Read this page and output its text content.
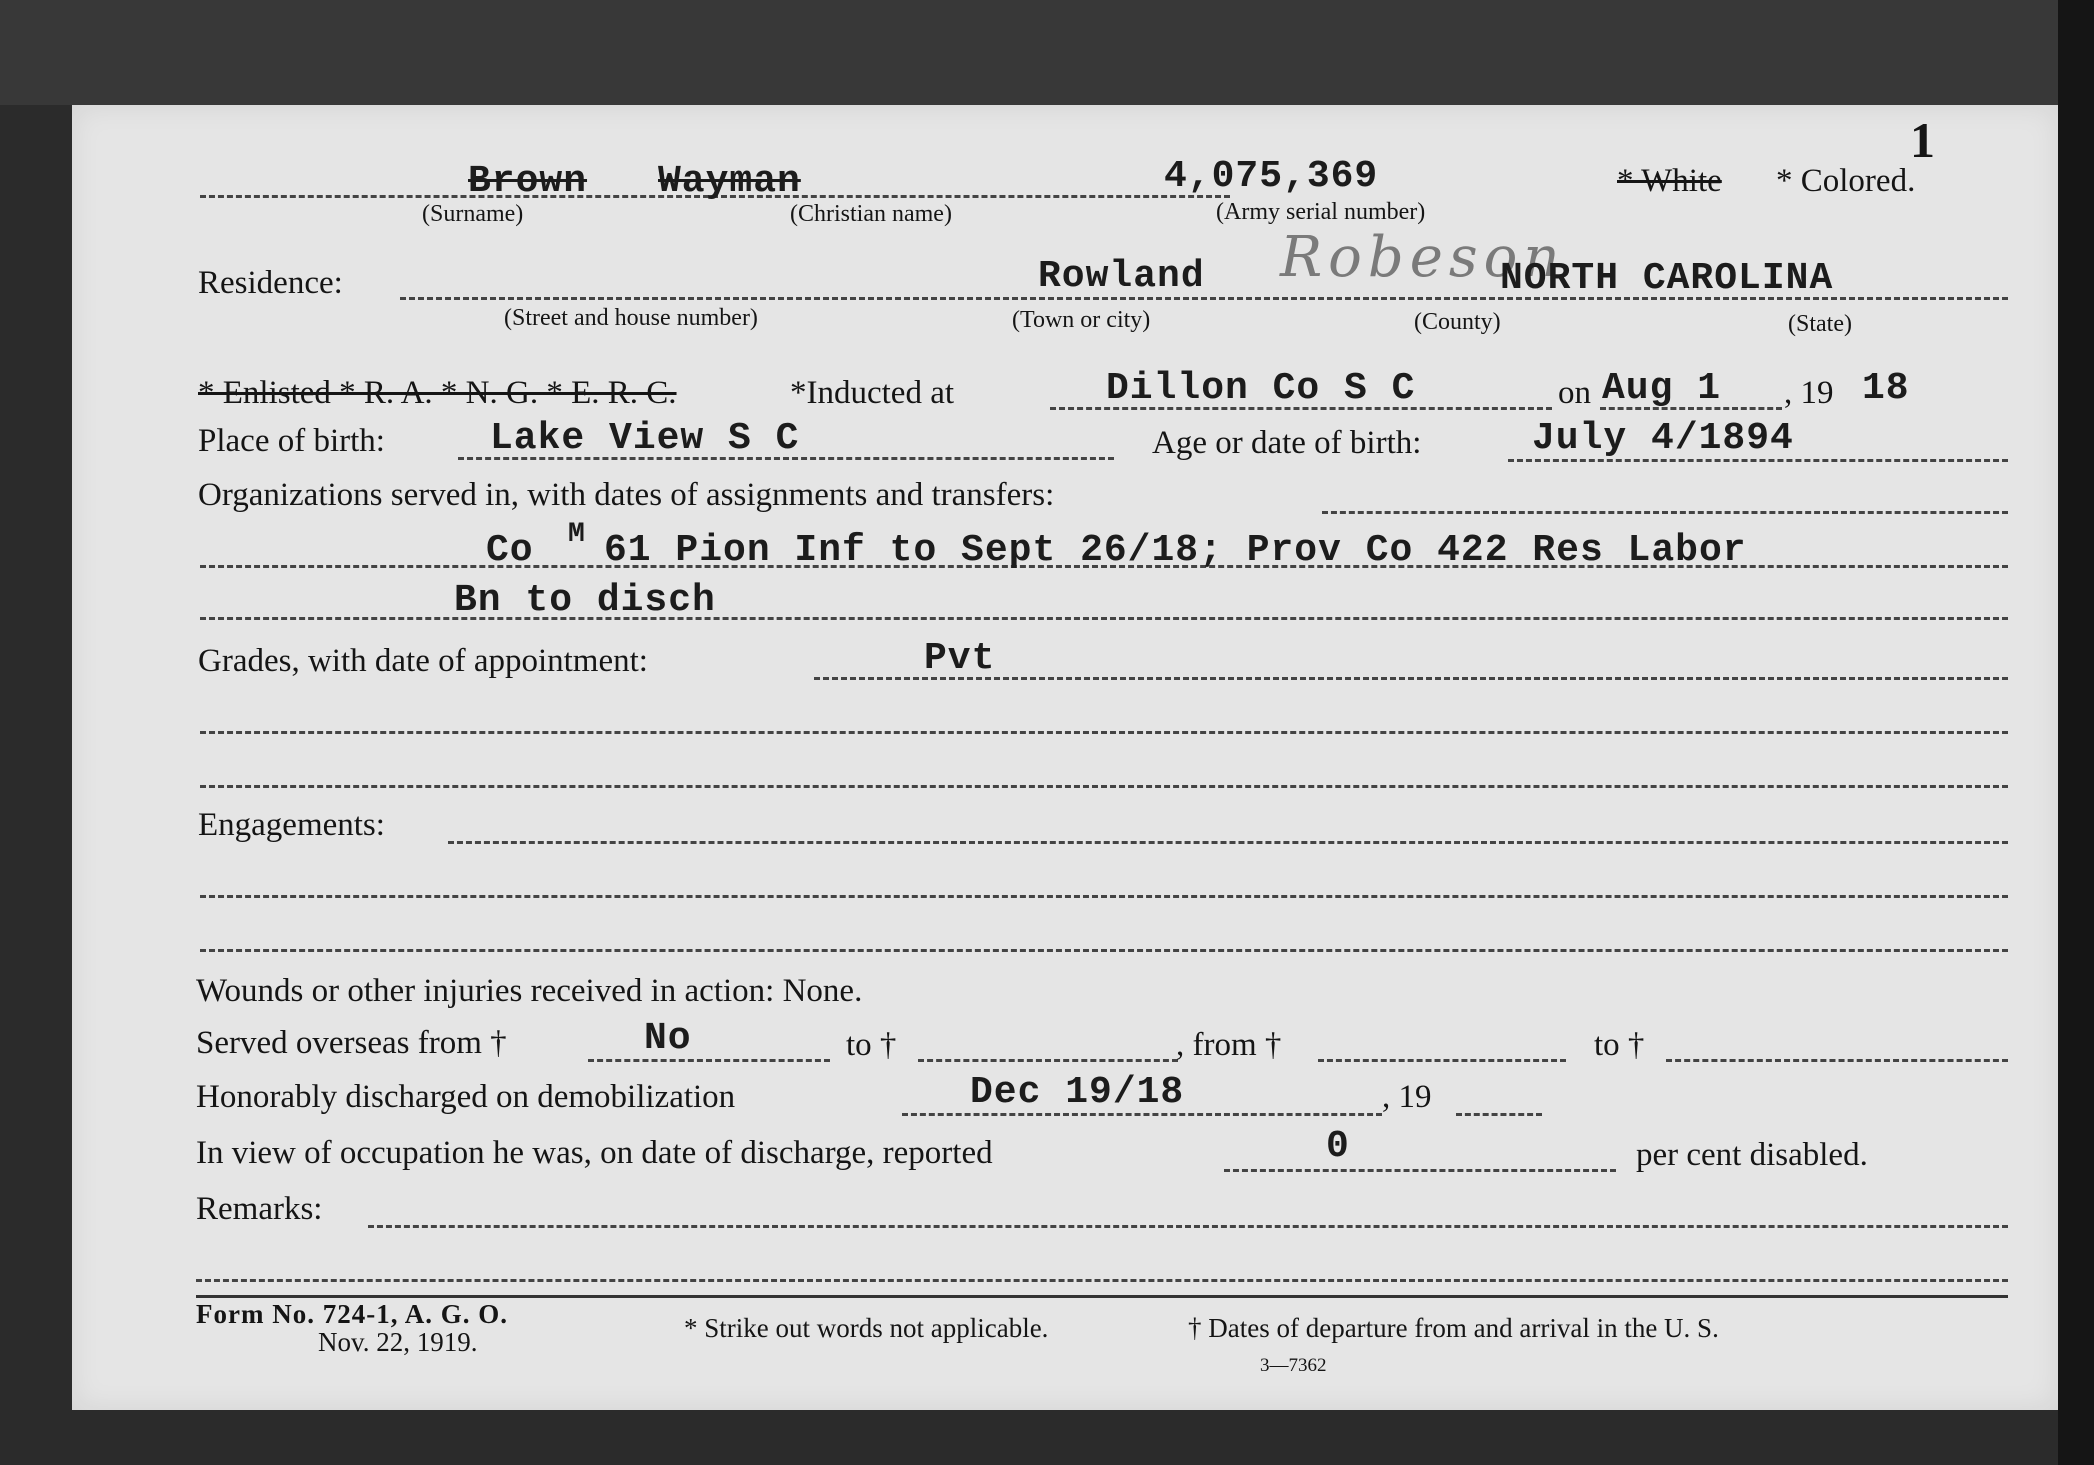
1
Brown Wayman	4,075,369
(Surname)	(Christian name)	(Army serial number)
* White * Colored.
Residence:	Rowland Robeson
NORTH CAROLINA
(Street and house number)	(Town or city)	(County)	(State)
* Enlisted * R. A. * N. G. * E. R. C.	*Inducted at	Dillon Co S C	on Aug 1 , 19 18
Place of birth:	Lake View S C	Age or date of birth:	July 4/1894
Organizations served in, with dates of assignments and transfers:
Co M 61 Pion Inf to Sept 26/18; Prov Co 422 Res Labor
Bn to disch
Grades, with date of appointment:	Pvt
Engagements:
Wounds or other injuries received in action: None.
Served overseas from †	No	to †	, from †	to †
Honorably discharged on demobilization	Dec 19/18	, 19
In view of occupation he was, on date of discharge, reported	0	per cent disabled.
Remarks:
Form No. 724-1, A. G. O.
Nov. 22, 1919.	* Strike out words not applicable.	† Dates of departure from and arrival in the U. S.
3—7362
